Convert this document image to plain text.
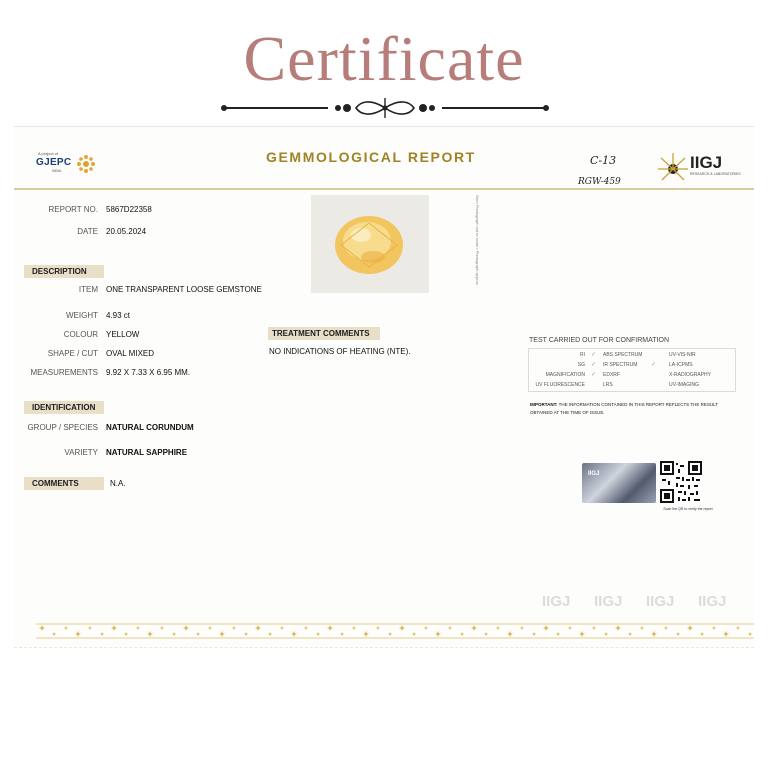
Certificate
A project of
GJEPC
INDIA
GEMMOLOGICAL REPORT	C-13
RGW-459
IIGJ
RESEARCH & LABORATORIES
REPORT NO. 5867D22358
DATE 20.05.2024
DESCRIPTION
ITEM ONE TRANSPARENT LOOSE GEMSTONE
WEIGHT 4.93 ct
COLOUR YELLOW
SHAPE / CUT OVAL MIXED
MEASUREMENTS 9.92 X 7.33 X 6.95 MM.
IDENTIFICATION
GROUP / SPECIES NATURAL CORUNDUM
VARIETY NATURAL SAPPHIRE
COMMENTS	N.A.
Gem Photograph not to scale • Photograph approx.
TREATMENT COMMENTS
NO INDICATIONS OF HEATING (NTE).
TEST CARRIED OUT FOR CONFIRMATION
RI
SG
MAGNIFICATION
UV FLUORESCENCE
✓
✓
✓
ABS SPECTRUM
IR SPECTRUM
EDXRF
LRS
✓
UV-VIS-NIR
LA-ICPMS
X-RADIOGRAPHY
UV-IMAGING
IMPORTANT: THE INFORMATION CONTAINED IN THIS REPORT REFLECTS THE RESULT OBTAINED AT THE TIME OF ISSUE.
IIGJ
Scan the QR to verify the report
IIGJ IIGJ IIGJ IIGJ
